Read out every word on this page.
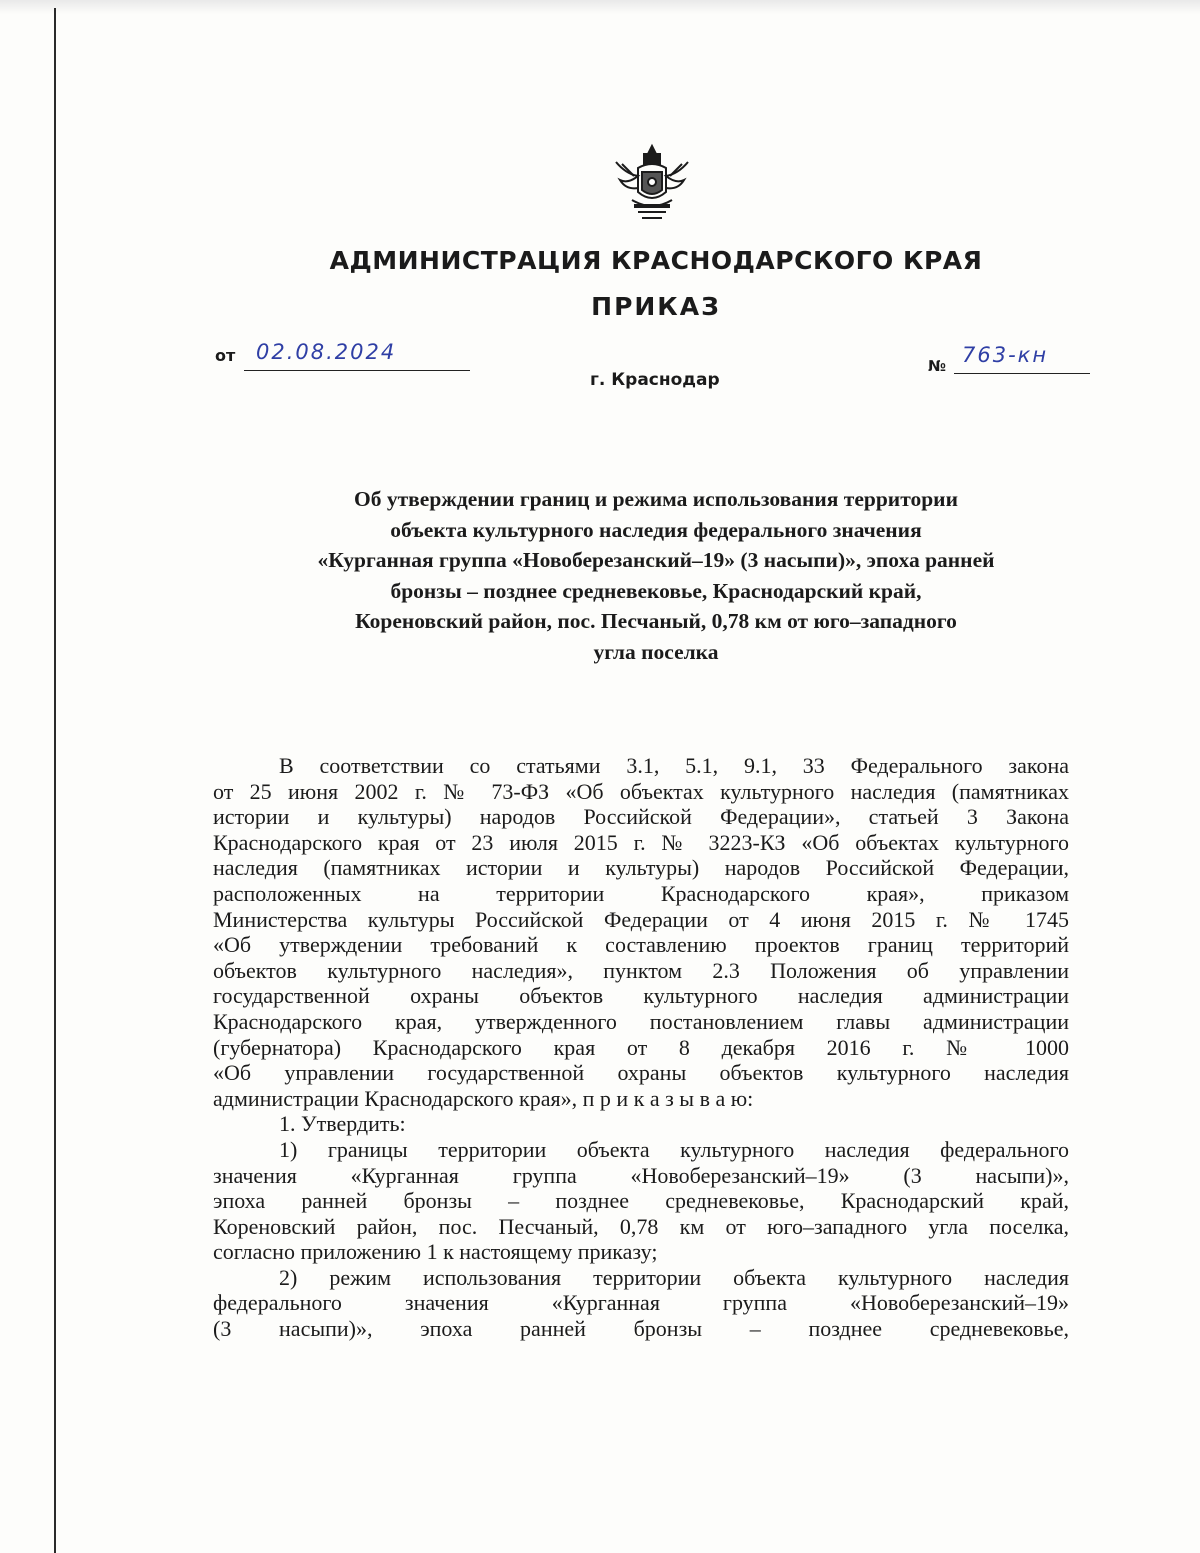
АДМИНИСТРАЦИЯ КРАСНОДАРСКОГО КРАЯ
ПРИКАЗ
от 02.08.2024
г. Краснодар
№ 763-кн
Об утверждении границ и режима использования территории
объекта культурного наследия федерального значения
«Курганная группа «Новоберезанский–19» (3 насыпи)», эпоха ранней
бронзы – позднее средневековье, Краснодарский край,
Кореновский район, пос. Песчаный, 0,78 км от юго–западного
угла поселка

В соответствии со статьями 3.1, 5.1, 9.1, 33 Федерального закона

от 25 июня 2002 г. № 73-ФЗ «Об объектах культурного наследия (памятниках

истории и культуры) народов Российской Федерации», статьей 3 Закона

Краснодарского края от 23 июля 2015 г. № 3223-КЗ «Об объектах культурного

наследия (памятниках истории и культуры) народов Российской Федерации,

расположенных на территории Краснодарского края», приказом

Министерства культуры Российской Федерации от 4 июня 2015 г. № 1745

«Об утверждении требований к составлению проектов границ территорий

объектов культурного наследия», пунктом 2.3 Положения об управлении

государственной охраны объектов культурного наследия администрации

Краснодарского края, утвержденного постановлением главы администрации

(губернатора) Краснодарского края от 8 декабря 2016 г. № 1000

«Об управлении государственной охраны объектов культурного наследия

администрации Краснодарского края», п р и к а з ы в а ю:

1. Утвердить:

1) границы территории объекта культурного наследия федерального

значения «Курганная группа «Новоберезанский–19» (3 насыпи)»,

эпоха ранней бронзы – позднее средневековье, Краснодарский край,

Кореновский район, пос. Песчаный, 0,78 км от юго–западного угла поселка,

согласно приложению 1 к настоящему приказу;

2) режим использования территории объекта культурного наследия

федерального значения «Курганная группа «Новоберезанский–19»

(3 насыпи)», эпоха ранней бронзы – позднее средневековье,
